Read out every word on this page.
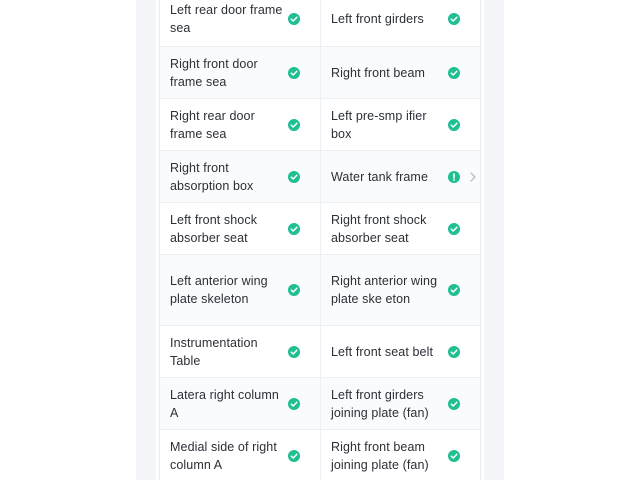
Left rear door frame sea
Left front girders
Right front door frame sea
Right front beam
Right rear door frame sea
Left pre-smp ifier box
Right front absorption box
Water tank frame
Left front shock absorber seat
Right front shock absorber seat
Left anterior wing plate skeleton
Right anterior wing plate ske eton
Instrumentation Table
Left front seat belt
Latera right column A
Left front girders joining plate (fan)
Medial side of right column A
Right front beam joining plate (fan)
